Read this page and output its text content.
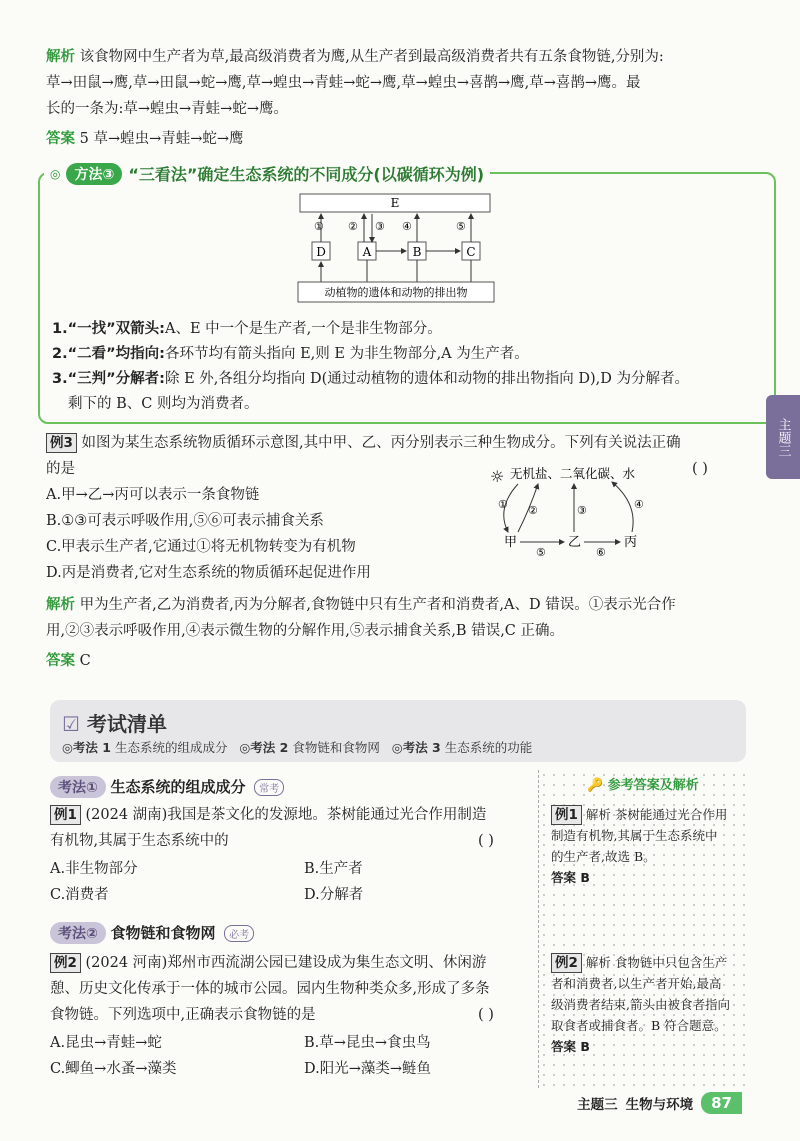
解析 该食物网中生产者为草,最高级消费者为鹰,从生产者到最高级消费者共有五条食物链,分别为:
草→田鼠→鹰,草→田鼠→蛇→鹰,草→蝗虫→青蛙→蛇→鹰,草→蝗虫→喜鹊→鹰,草→喜鹊→鹰。最
长的一条为:草→蝗虫→青蛙→蛇→鹰。
答案 5 草→蝗虫→青蛙→蛇→鹰
◎	方法③ “三看法”确定生态系统的不同成分(以碳循环为例)
E
D	A	B	C
动植物的遗体和动物的排出物
① ② ③ ④	⑤
1.“一找”双箭头:A、E 中一个是生产者,一个是非生物部分。
2.“二看”均指向:各环节均有箭头指向 E,则 E 为非生物部分,A 为生产者。
3.“三判”分解者:除 E 外,各组分均指向 D(通过动植物的遗体和动物的排出物指向 D),D 为分解者。
剩下的 B、C 则均为消费者。
主题三
例3 如图为某生态系统物质循环示意图,其中甲、乙、丙分别表示三种生物成分。下列有关说法正确
的是	( )
A.甲→乙→丙可以表示一条食物链
B.①③可表示呼吸作用,⑤⑥可表示捕食关系
C.甲表示生产者,它通过①将无机物转变为有机物
D.丙是消费者,它对生态系统的物质循环起促进作用
☼ 无机盐、二氧化碳、水
甲	乙	丙
① ②	③	④
⑤	⑥
解析 甲为生产者,乙为消费者,丙为分解者,食物链中只有生产者和消费者,A、D 错误。①表示光合作
用,②③表示呼吸作用,④表示微生物的分解作用,⑤表示捕食关系,B 错误,C 正确。
答案 C
☑ 考试清单
◎考法 1 生态系统的组成成分 ◎考法 2 食物链和食物网 ◎考法 3 生态系统的功能
考法① 生态系统的组成成分 常考
例1 (2024 湖南)我国是茶文化的发源地。茶树能通过光合作用制造
有机物,其属于生态系统中的	( )
A.非生物部分	B.生产者
C.消费者	D.分解者
考法② 食物链和食物网 必考
例2 (2024 河南)郑州市西流湖公园已建设成为集生态文明、休闲游
憩、历史文化传承于一体的城市公园。园内生物种类众多,形成了多条
食物链。下列选项中,正确表示食物链的是	( )
A.昆虫→青蛙→蛇	B.草→昆虫→食虫鸟
C.鲫鱼→水蚤→藻类	D.阳光→藻类→鲢鱼
🔑 参考答案及解析
例1 解析 茶树能通过光合作用
制造有机物,其属于生态系统中
的生产者,故选 B。
答案 B
例2 解析 食物链中只包含生产
者和消费者,以生产者开始,最高
级消费者结束,箭头由被食者指向
取食者或捕食者。B 符合题意。
答案 B
主题三 生物与环境	87
